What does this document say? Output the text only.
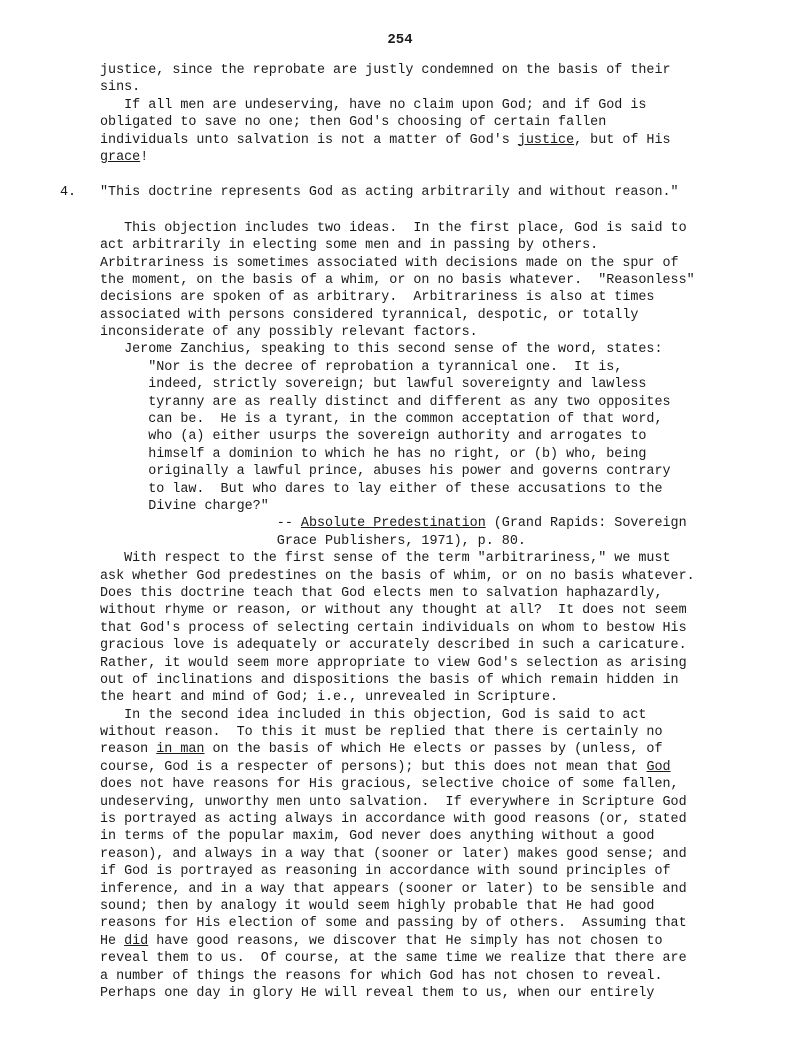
254
justice, since the reprobate are justly condemned on the basis of their
sins.
If all men are undeserving, have no claim upon God; and if God is
obligated to save no one; then God's choosing of certain fallen
individuals unto salvation is not a matter of God's justice, but of His
grace!
4. "This doctrine represents God as acting arbitrarily and without reason."
This objection includes two ideas.  In the first place, God is said to
act arbitrarily in electing some men and in passing by others.
Arbitrariness is sometimes associated with decisions made on the spur of
the moment, on the basis of a whim, or on no basis whatever.  "Reasonless"
decisions are spoken of as arbitrary.  Arbitrariness is also at times
associated with persons considered tyrannical, despotic, or totally
inconsiderate of any possibly relevant factors.
Jerome Zanchius, speaking to this second sense of the word, states:
"Nor is the decree of reprobation a tyrannical one.  It is,
indeed, strictly sovereign; but lawful sovereignty and lawless
tyranny are as really distinct and different as any two opposites
can be.  He is a tyrant, in the common acceptation of that word,
who (a) either usurps the sovereign authority and arrogates to
himself a dominion to which he has no right, or (b) who, being
originally a lawful prince, abuses his power and governs contrary
to law.  But who dares to lay either of these accusations to the
Divine charge?"
-- Absolute Predestination (Grand Rapids: Sovereign
Grace Publishers, 1971), p. 80.
With respect to the first sense of the term "arbitrariness," we must
ask whether God predestines on the basis of whim, or on no basis whatever.
Does this doctrine teach that God elects men to salvation haphazardly,
without rhyme or reason, or without any thought at all?  It does not seem
that God's process of selecting certain individuals on whom to bestow His
gracious love is adequately or accurately described in such a caricature.
Rather, it would seem more appropriate to view God's selection as arising
out of inclinations and dispositions the basis of which remain hidden in
the heart and mind of God; i.e., unrevealed in Scripture.
In the second idea included in this objection, God is said to act
without reason.  To this it must be replied that there is certainly no
reason in man on the basis of which He elects or passes by (unless, of
course, God is a respecter of persons); but this does not mean that God
does not have reasons for His gracious, selective choice of some fallen,
undeserving, unworthy men unto salvation.  If everywhere in Scripture God
is portrayed as acting always in accordance with good reasons (or, stated
in terms of the popular maxim, God never does anything without a good
reason), and always in a way that (sooner or later) makes good sense; and
if God is portrayed as reasoning in accordance with sound principles of
inference, and in a way that appears (sooner or later) to be sensible and
sound; then by analogy it would seem highly probable that He had good
reasons for His election of some and passing by of others.  Assuming that
He did have good reasons, we discover that He simply has not chosen to
reveal them to us.  Of course, at the same time we realize that there are
a number of things the reasons for which God has not chosen to reveal.
Perhaps one day in glory He will reveal them to us, when our entirely
